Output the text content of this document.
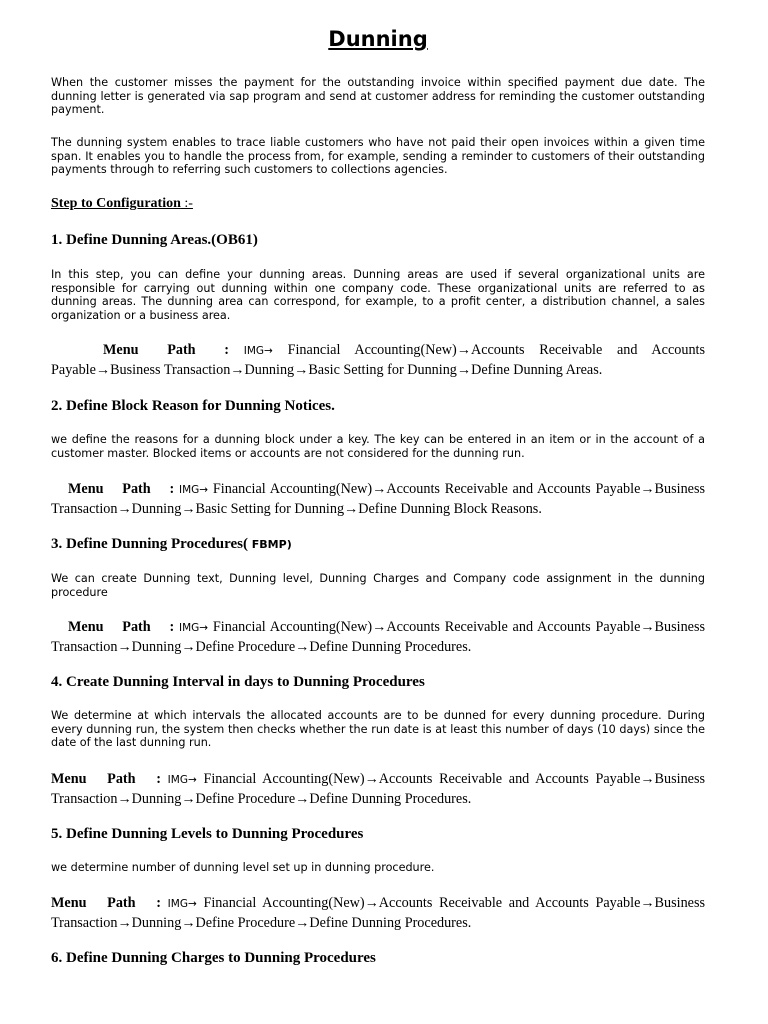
Dunning

When the customer misses the payment for the outstanding invoice within specified payment due date. The dunning letter is generated via sap program and send at customer address for reminding the customer outstanding payment.

The dunning system enables to trace liable customers who have not paid their open invoices within a given time span. It enables you to handle the process from, for example, sending a reminder to customers of their outstanding payments through to referring such customers to collections agencies.

Step to Configuration :-
1. Define Dunning Areas.(OB61)

In this step, you can define your dunning areas. Dunning areas are used if several organizational units are responsible for carrying out dunning within one company code. These organizational units are referred to as dunning areas. The dunning area can correspond, for example, to a profit center, a distribution channel, a sales organization or a business area.

Menu Path : IMG→ Financial Accounting(New)→Accounts Receivable and Accounts Payable→Business Transaction→Dunning→Basic Setting for Dunning→Define Dunning Areas.
2. Define Block Reason for Dunning Notices.

we define the reasons for a dunning block under a key. The key can be entered in an item or in the account of a customer master. Blocked items or accounts are not considered for the dunning run.

Menu Path : IMG→ Financial Accounting(New)→Accounts Receivable and Accounts Payable→Business Transaction→Dunning→Basic Setting for Dunning→Define Dunning Block Reasons.
3. Define Dunning Procedures( FBMP)

We can create Dunning text, Dunning level, Dunning Charges and Company code assignment in the dunning procedure

Menu Path : IMG→ Financial Accounting(New)→Accounts Receivable and Accounts Payable→Business Transaction→Dunning→Define Procedure→Define Dunning Procedures.
4. Create Dunning Interval in days to Dunning Procedures

We determine at which intervals the allocated accounts are to be dunned for every dunning procedure. During every dunning run, the system then checks whether the run date is at least this number of days (10 days) since the date of the last dunning run.

Menu Path : IMG→ Financial Accounting(New)→Accounts Receivable and Accounts Payable→Business Transaction→Dunning→Define Procedure→Define Dunning Procedures.
5. Define Dunning Levels to Dunning Procedures

we determine number of dunning level set up in dunning procedure.

Menu Path : IMG→ Financial Accounting(New)→Accounts Receivable and Accounts Payable→Business Transaction→Dunning→Define Procedure→Define Dunning Procedures.
6. Define Dunning Charges to Dunning Procedures
